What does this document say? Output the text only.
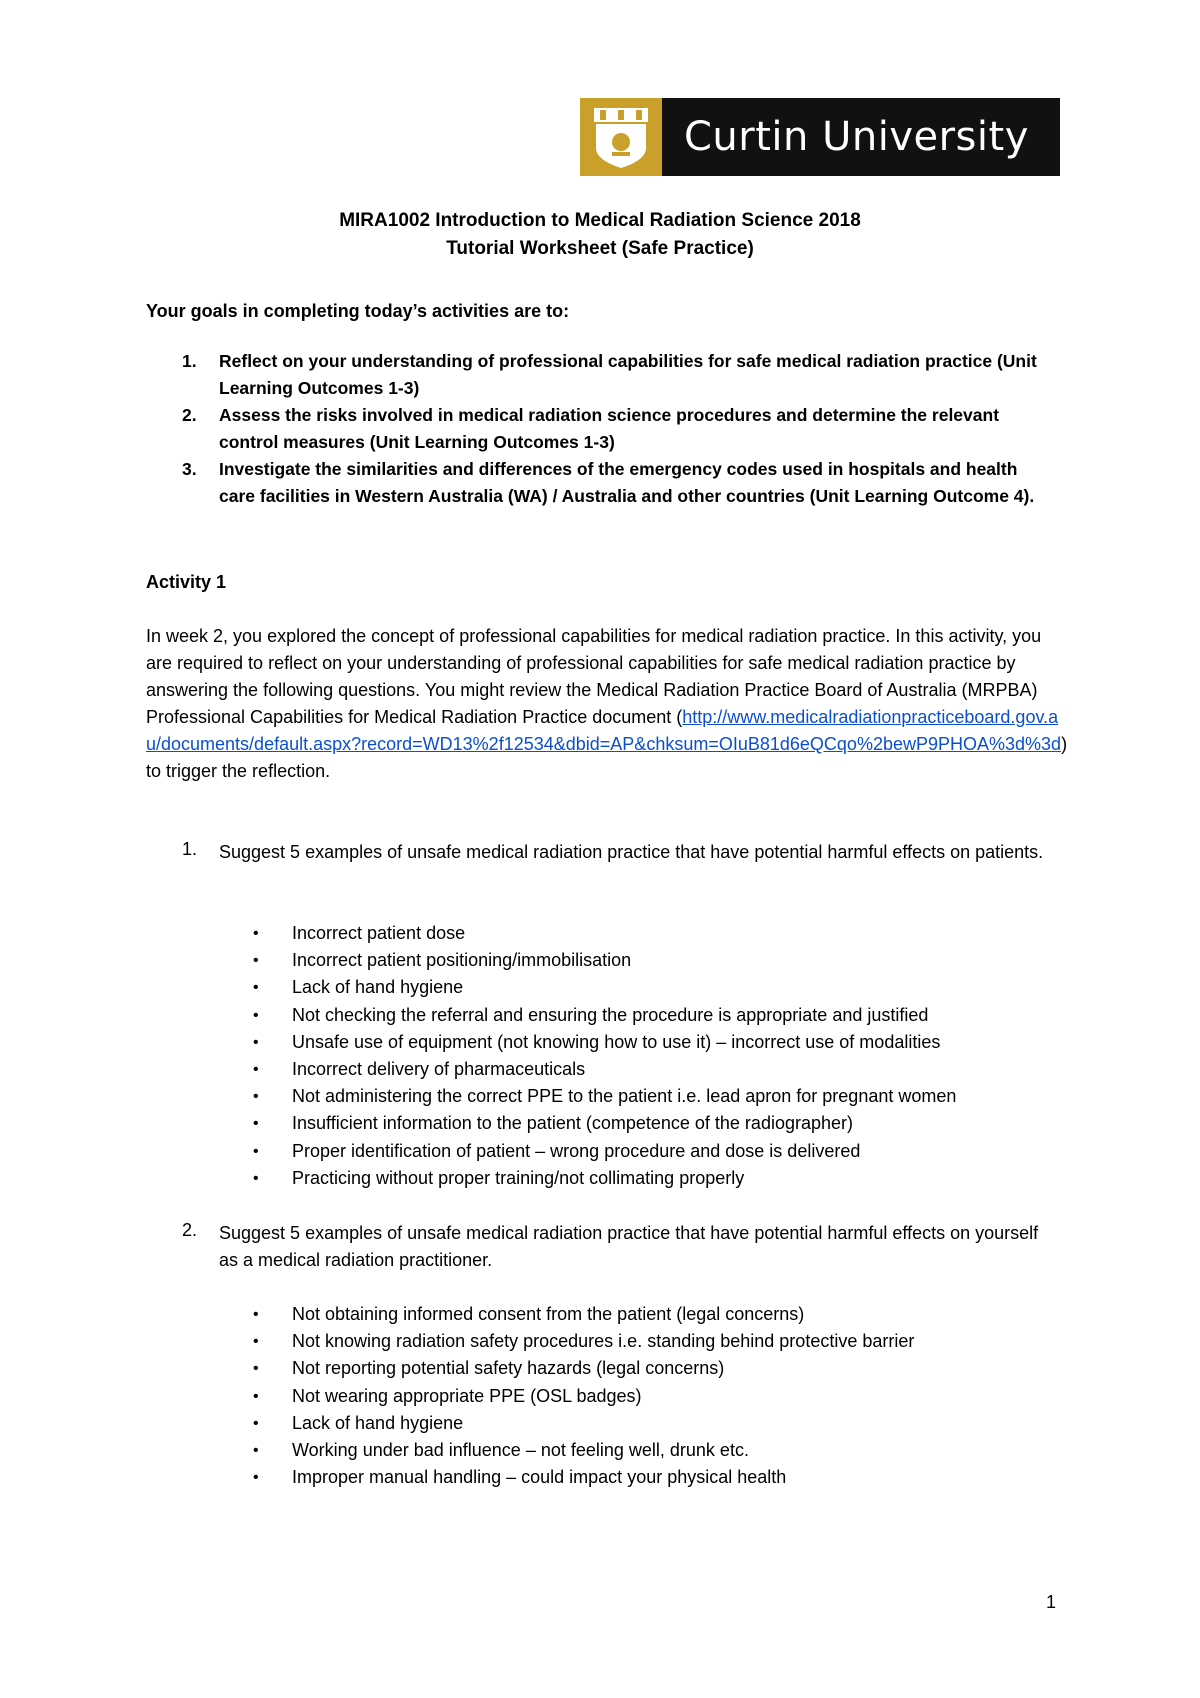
Curtin University
MIRA1002 Introduction to Medical Radiation Science 2018
Tutorial Worksheet (Safe Practice)
Your goals in completing today’s activities are to:
1. Reflect on your understanding of professional capabilities for safe medical radiation practice (Unit Learning Outcomes 1-3)
2. Assess the risks involved in medical radiation science procedures and determine the relevant control measures (Unit Learning Outcomes 1-3)
3. Investigate the similarities and differences of the emergency codes used in hospitals and health care facilities in Western Australia (WA) / Australia and other countries (Unit Learning Outcome 4).
Activity 1
In week 2, you explored the concept of professional capabilities for medical radiation practice. In this activity, you are required to reflect on your understanding of professional capabilities for safe medical radiation practice by answering the following questions. You might review the Medical Radiation Practice Board of Australia (MRPBA) Professional Capabilities for Medical Radiation Practice document (http://www.medicalradiationpracticeboard.gov.au/documents/default.aspx?record=WD13%2f12534&dbid=AP&chksum=OIuB81d6eQCqo%2bewP9PHOA%3d%3d) to trigger the reflection.
1. Suggest 5 examples of unsafe medical radiation practice that have potential harmful effects on patients.
• Incorrect patient dose
• Incorrect patient positioning/immobilisation
• Lack of hand hygiene
• Not checking the referral and ensuring the procedure is appropriate and justified
• Unsafe use of equipment (not knowing how to use it) – incorrect use of modalities
• Incorrect delivery of pharmaceuticals
• Not administering the correct PPE to the patient i.e. lead apron for pregnant women
• Insufficient information to the patient (competence of the radiographer)
• Proper identification of patient – wrong procedure and dose is delivered
• Practicing without proper training/not collimating properly
2. Suggest 5 examples of unsafe medical radiation practice that have potential harmful effects on yourself as a medical radiation practitioner.
• Not obtaining informed consent from the patient (legal concerns)
• Not knowing radiation safety procedures i.e. standing behind protective barrier
• Not reporting potential safety hazards (legal concerns)
• Not wearing appropriate PPE (OSL badges)
• Lack of hand hygiene
• Working under bad influence – not feeling well, drunk etc.
• Improper manual handling – could impact your physical health
1
